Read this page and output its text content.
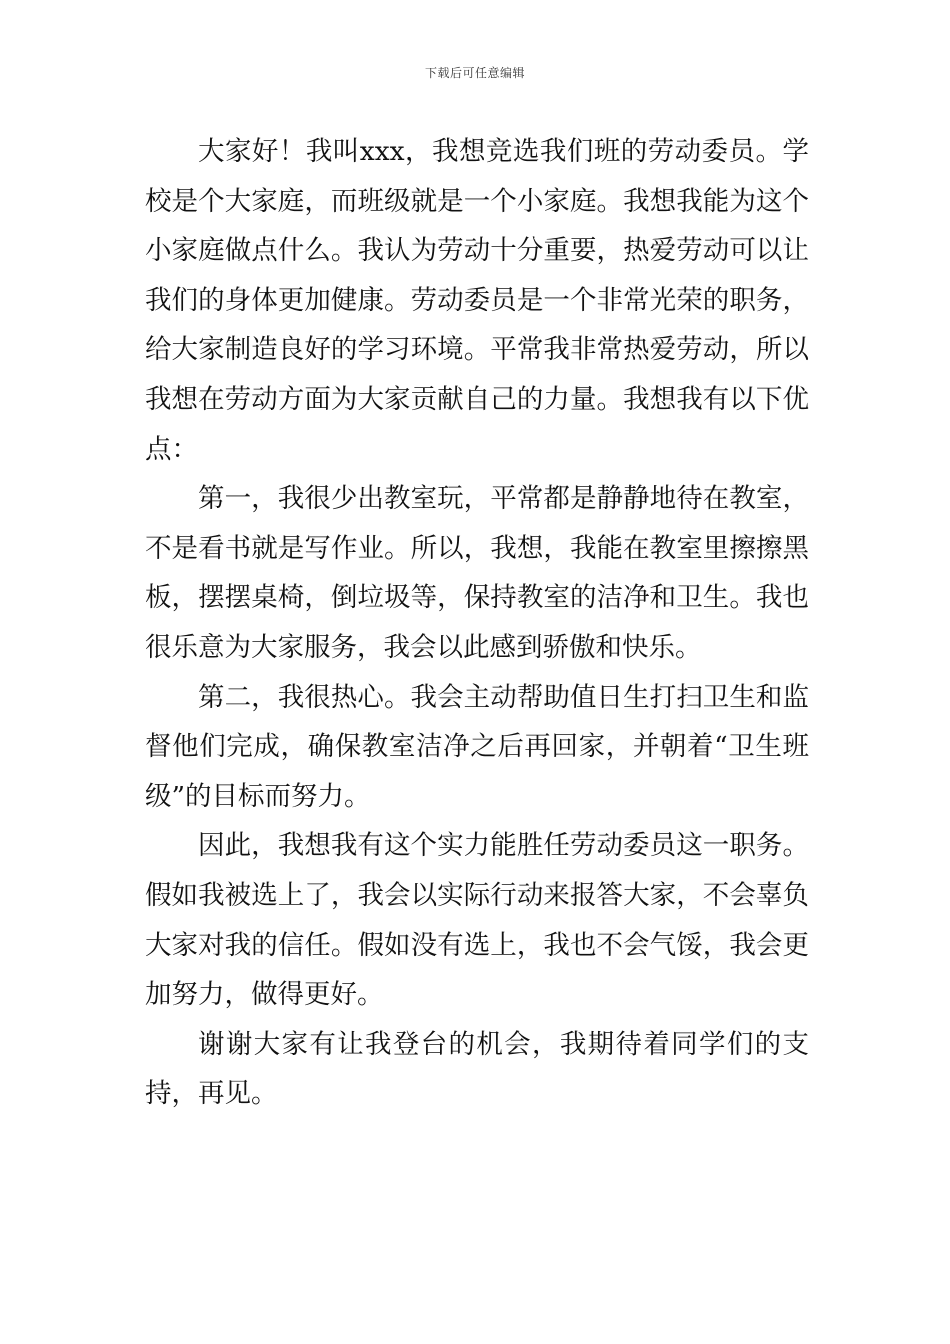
下载后可任意编辑

大家好！我叫xxx，我想竞选我们班的劳动委员。学校是个大家庭，而班级就是一个小家庭。我想我能为这个小家庭做点什么。我认为劳动十分重要，热爱劳动可以让我们的身体更加健康。劳动委员是一个非常光荣的职务，给大家制造良好的学习环境。平常我非常热爱劳动，所以我想在劳动方面为大家贡献自己的力量。我想我有以下优点：

第一，我很少出教室玩，平常都是静静地待在教室，不是看书就是写作业。所以，我想，我能在教室里擦擦黑板，摆摆桌椅，倒垃圾等，保持教室的洁净和卫生。我也很乐意为大家服务，我会以此感到骄傲和快乐。

第二，我很热心。我会主动帮助值日生打扫卫生和监督他们完成，确保教室洁净之后再回家，并朝着“卫生班级”的目标而努力。

因此，我想我有这个实力能胜任劳动委员这一职务。假如我被选上了，我会以实际行动来报答大家，不会辜负大家对我的信任。假如没有选上，我也不会气馁，我会更加努力，做得更好。

谢谢大家有让我登台的机会，我期待着同学们的支持，再见。
